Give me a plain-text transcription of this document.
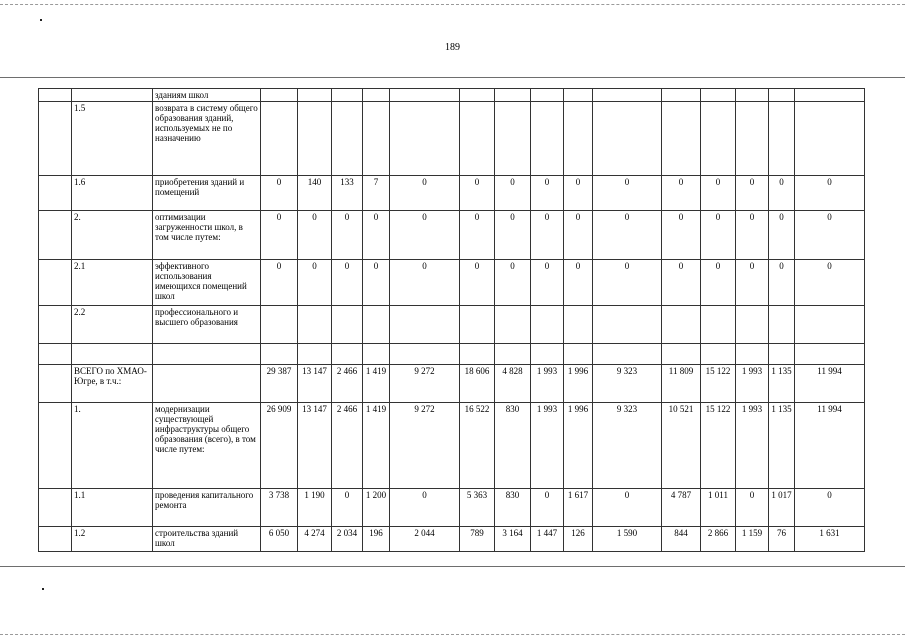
189
		зданиям школ															
	1.5	возврата в систему общего образования зданий, используемых не по назначению															
	1.6	приобретения зданий и помещений	0	140	133	7	0	0	0	0	0	0	0	0	0	0	0
	2.	оптимизации загруженности школ, в том числе путем:	0	0	0	0	0	0	0	0	0	0	0	0	0	0	0
	2.1	эффективного использования имеющихся помещений школ	0	0	0	0	0	0	0	0	0	0	0	0	0	0	0
	2.2	профессионального и высшего образования															

	ВСЕГО по ХМАО-Югре, в т.ч.:		29 387	13 147	2 466	1 419	9 272	18 606	4 828	1 993	1 996	9 323	11 809	15 122	1 993	1 135	11 994
	1.	модернизации существующей инфраструктуры общего образования (всего), в том числе путем:	26 909	13 147	2 466	1 419	9 272	16 522	830	1 993	1 996	9 323	10 521	15 122	1 993	1 135	11 994
	1.1	проведения капитального ремонта	3 738	1 190	0	1 200	0	5 363	830	0	1 617	0	4 787	1 011	0	1 017	0
	1.2	строительства зданий школ	6 050	4 274	2 034	196	2 044	789	3 164	1 447	126	1 590	844	2 866	1 159	76	1 631
